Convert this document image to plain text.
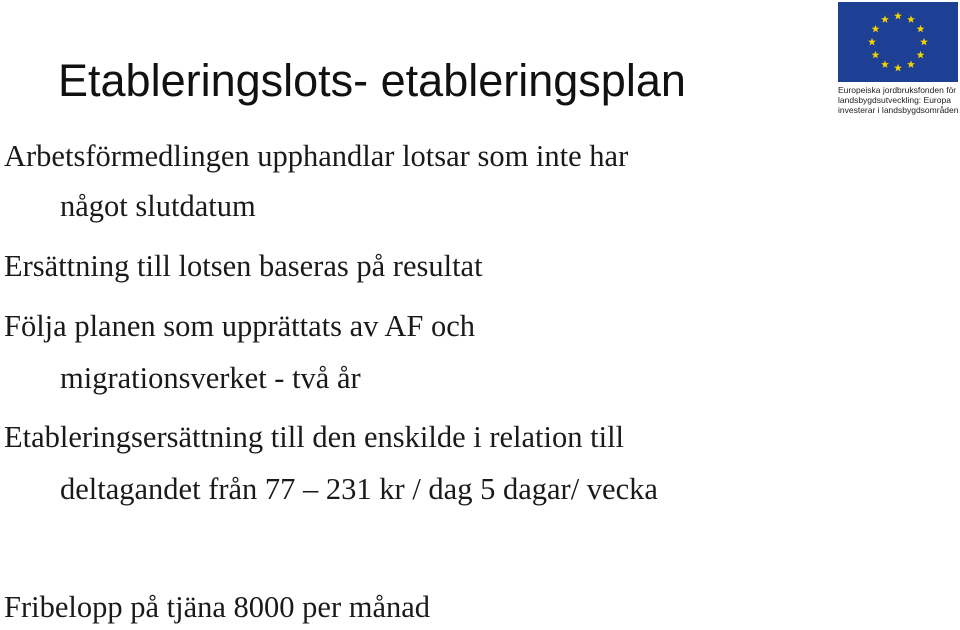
Etableringslots- etableringsplan	Europeiska jordbruksfonden för
landsbygdsutveckling: Europa
investerar i landsbygdsområden
Arbetsförmedlingen upphandlar lotsar som inte har
något slutdatum
Ersättning till lotsen baseras på resultat
Följa planen som upprättats av AF och
migrationsverket - två år
Etableringsersättning till den enskilde i relation till
deltagandet från 77 – 231 kr / dag 5 dagar/ vecka
Fribelopp på tjäna 8000 per månad
